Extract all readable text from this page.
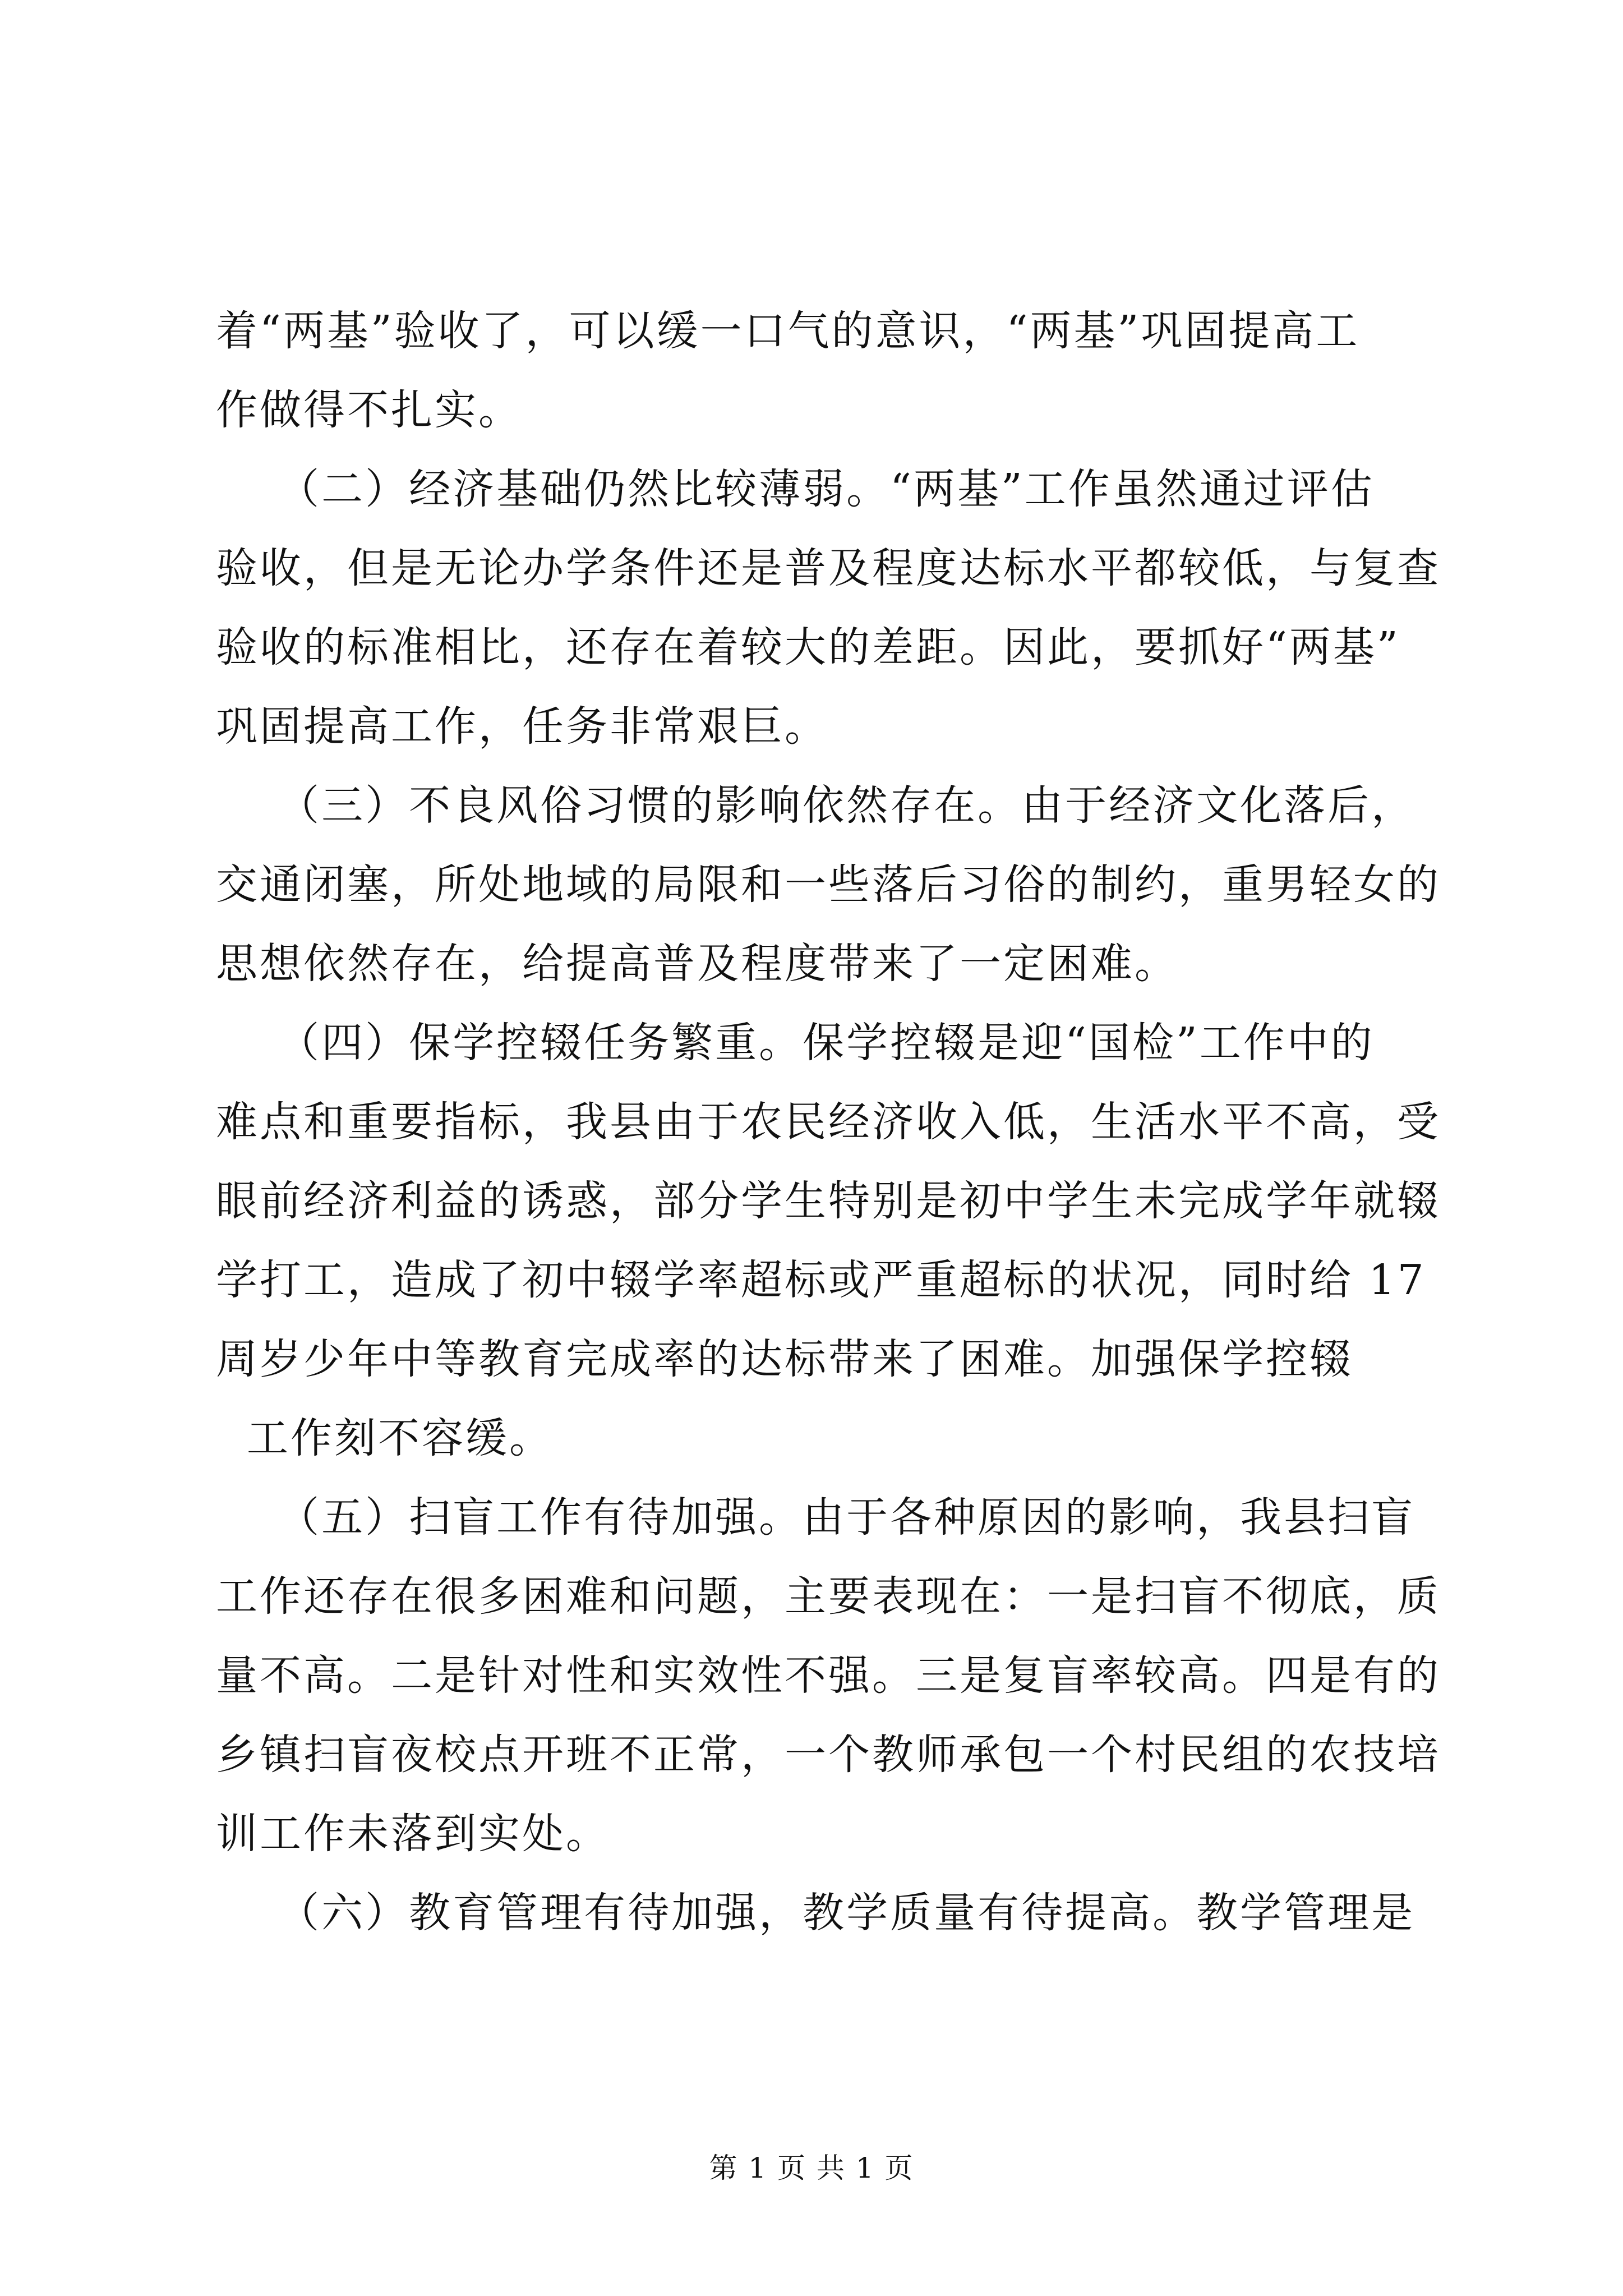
着“两基”验收了，可以缓一口气的意识，“两基”巩固提高工
作做得不扎实。
（二）经济基础仍然比较薄弱。“两基”工作虽然通过评估
验收，但是无论办学条件还是普及程度达标水平都较低，与复查
验收的标准相比，还存在着较大的差距。因此，要抓好“两基”
巩固提高工作，任务非常艰巨。
（三）不良风俗习惯的影响依然存在。由于经济文化落后，
交通闭塞，所处地域的局限和一些落后习俗的制约，重男轻女的
思想依然存在，给提高普及程度带来了一定困难。
（四）保学控辍任务繁重。保学控辍是迎“国检”工作中的
难点和重要指标，我县由于农民经济收入低，生活水平不高，受
眼前经济利益的诱惑，部分学生特别是初中学生未完成学年就辍
学打工，造成了初中辍学率超标或严重超标的状况，同时给 17
周岁少年中等教育完成率的达标带来了困难。加强保学控辍
工作刻不容缓。
（五）扫盲工作有待加强。由于各种原因的影响，我县扫盲
工作还存在很多困难和问题，主要表现在：一是扫盲不彻底，质
量不高。二是针对性和实效性不强。三是复盲率较高。四是有的
乡镇扫盲夜校点开班不正常，一个教师承包一个村民组的农技培
训工作未落到实处。
（六）教育管理有待加强，教学质量有待提高。教学管理是
第 1 页 共 1 页
